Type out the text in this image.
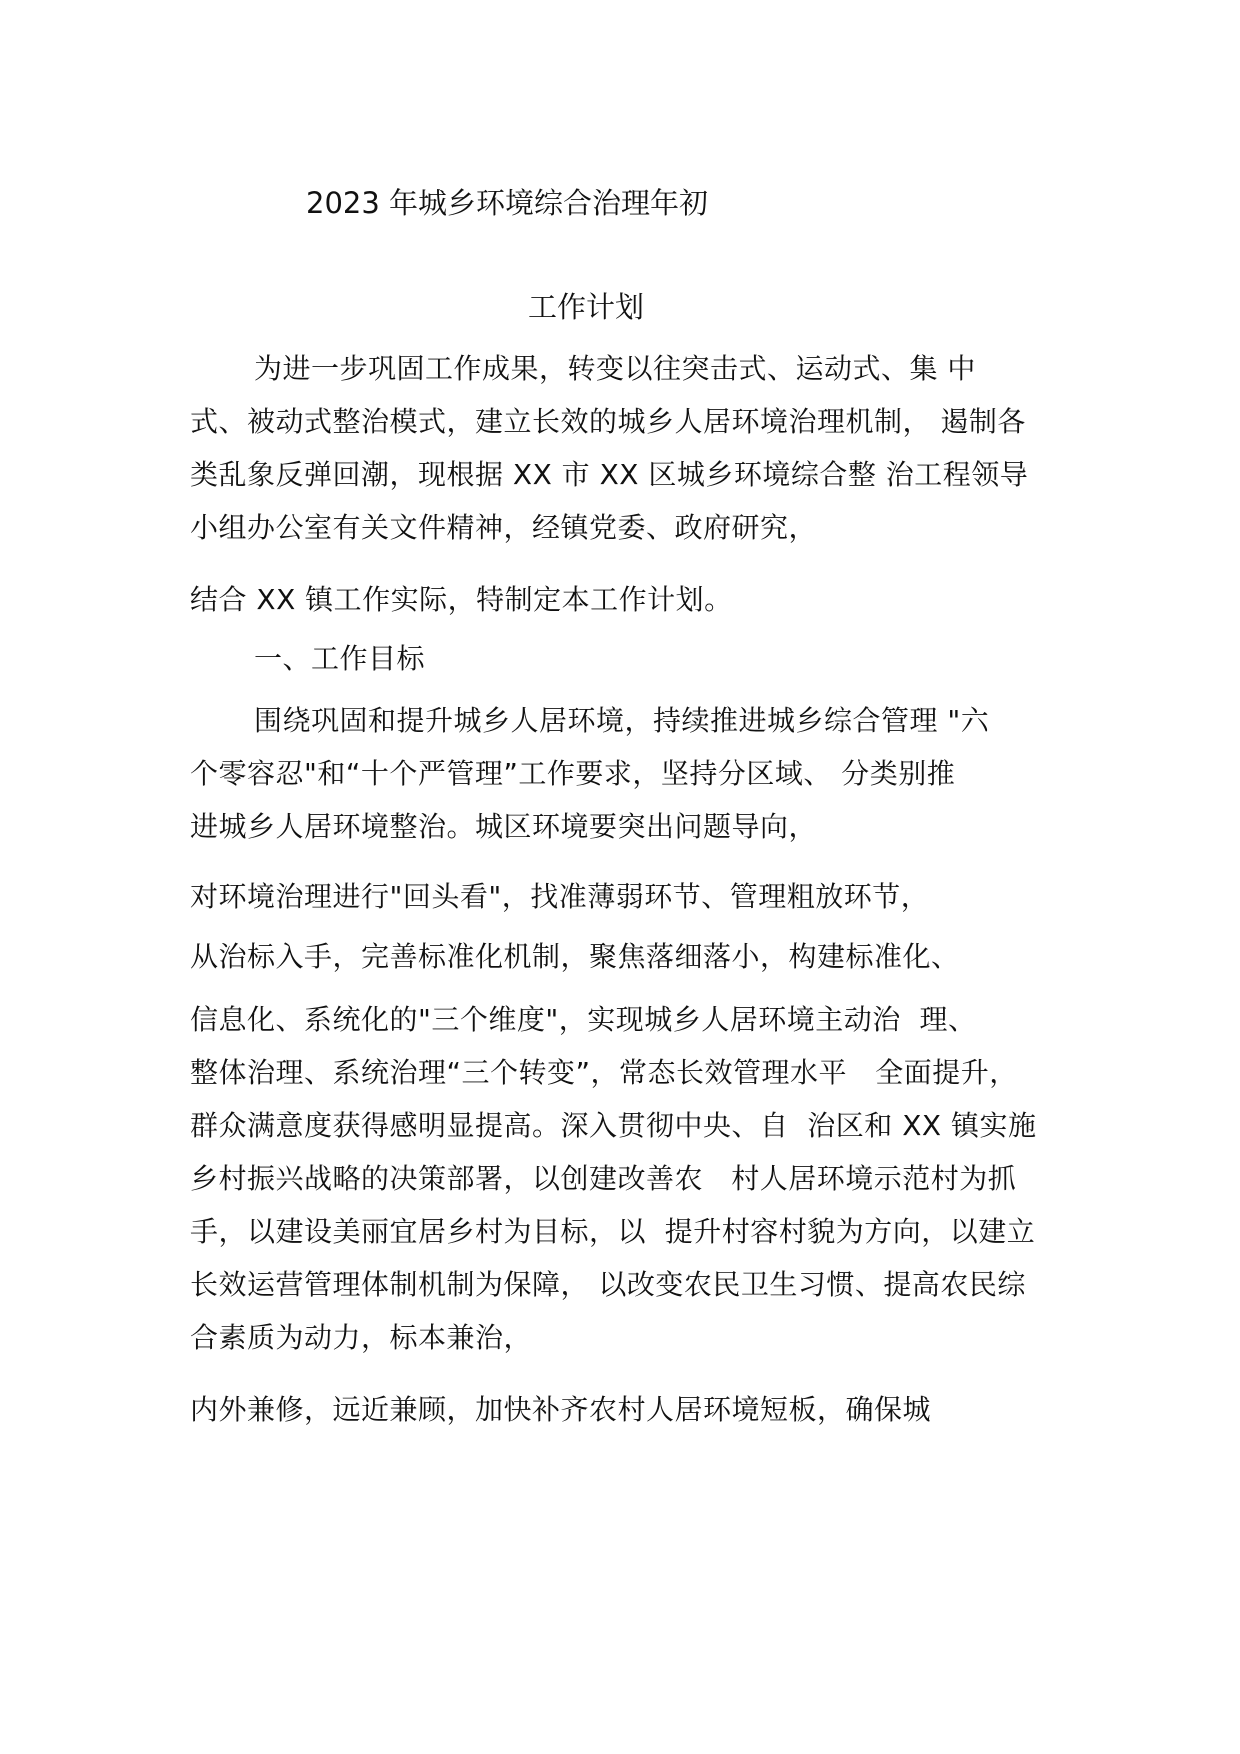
2023 年城乡环境综合治理年初
工作计划
为进一步巩固工作成果，转变以往突击式、运动式、集 中
式、被动式整治模式，建立长效的城乡人居环境治理机制， 遏制各
类乱象反弹回潮，现根据 XX 市 XX 区城乡环境综合整 治工程领导
小组办公室有关文件精神，经镇党委、政府研究，
结合 XX 镇工作实际，特制定本工作计划。
一、工作目标
围绕巩固和提升城乡人居环境，持续推进城乡综合管理 "六
个零容忍"和“十个严管理”工作要求，坚持分区域、 分类别推
进城乡人居环境整治。城区环境要突出问题导向，
对环境治理进行"回头看"，找准薄弱环节、管理粗放环节，
从治标入手，完善标准化机制，聚焦落细落小，构建标准化、
信息化、系统化的"三个维度"，实现城乡人居环境主动治  理、
整体治理、系统治理“三个转变”，常态长效管理水平   全面提升，
群众满意度获得感明显提高。深入贯彻中央、自  治区和 XX 镇实施
乡村振兴战略的决策部署，以创建改善农   村人居环境示范村为抓
手，以建设美丽宜居乡村为目标，以  提升村容村貌为方向，以建立
长效运营管理体制机制为保障， 以改变农民卫生习惯、提高农民综
合素质为动力，标本兼治，
内外兼修，远近兼顾，加快补齐农村人居环境短板，确保城
